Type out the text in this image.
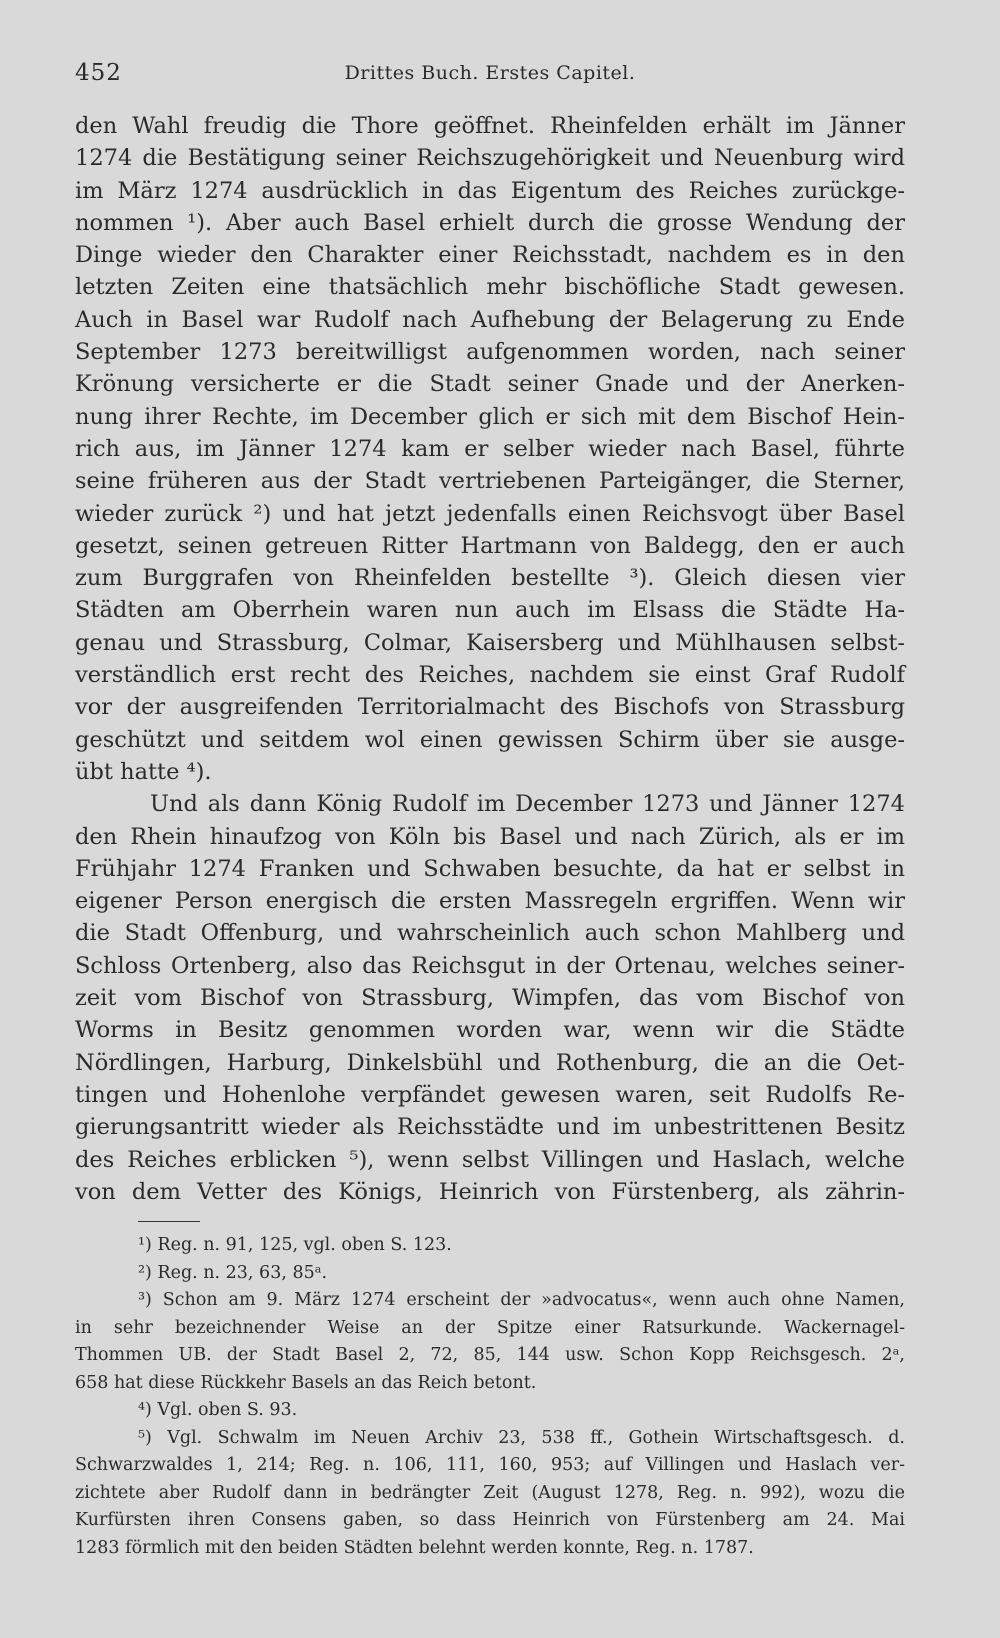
452	Drittes Buch. Erstes Capitel.
den Wahl freudig die Thore geöffnet. Rheinfelden erhält im Jänner
1274 die Bestätigung seiner Reichszugehörigkeit und Neuenburg wird
im März 1274 ausdrücklich in das Eigentum des Reiches zurückge-
nommen ¹). Aber auch Basel erhielt durch die grosse Wendung der
Dinge wieder den Charakter einer Reichsstadt, nachdem es in den
letzten Zeiten eine thatsächlich mehr bischöfliche Stadt gewesen.
Auch in Basel war Rudolf nach Aufhebung der Belagerung zu Ende
September 1273 bereitwilligst aufgenommen worden, nach seiner
Krönung versicherte er die Stadt seiner Gnade und der Anerken-
nung ihrer Rechte, im December glich er sich mit dem Bischof Hein-
rich aus, im Jänner 1274 kam er selber wieder nach Basel, führte
seine früheren aus der Stadt vertriebenen Parteigänger, die Sterner,
wieder zurück ²) und hat jetzt jedenfalls einen Reichsvogt über Basel
gesetzt, seinen getreuen Ritter Hartmann von Baldegg, den er auch
zum Burggrafen von Rheinfelden bestellte ³). Gleich diesen vier
Städten am Oberrhein waren nun auch im Elsass die Städte Ha-
genau und Strassburg, Colmar, Kaisersberg und Mühlhausen selbst-
verständlich erst recht des Reiches, nachdem sie einst Graf Rudolf
vor der ausgreifenden Territorialmacht des Bischofs von Strassburg
geschützt und seitdem wol einen gewissen Schirm über sie ausge-
übt hatte ⁴).
Und als dann König Rudolf im December 1273 und Jänner 1274
den Rhein hinaufzog von Köln bis Basel und nach Zürich, als er im
Frühjahr 1274 Franken und Schwaben besuchte, da hat er selbst in
eigener Person energisch die ersten Massregeln ergriffen. Wenn wir
die Stadt Offenburg, und wahrscheinlich auch schon Mahlberg und
Schloss Ortenberg, also das Reichsgut in der Ortenau, welches seiner-
zeit vom Bischof von Strassburg, Wimpfen, das vom Bischof von
Worms in Besitz genommen worden war, wenn wir die Städte
Nördlingen, Harburg, Dinkelsbühl und Rothenburg, die an die Oet-
tingen und Hohenlohe verpfändet gewesen waren, seit Rudolfs Re-
gierungsantritt wieder als Reichsstädte und im unbestrittenen Besitz
des Reiches erblicken ⁵), wenn selbst Villingen und Haslach, welche
von dem Vetter des Königs, Heinrich von Fürstenberg, als zährin-
¹) Reg. n. 91, 125, vgl. oben S. 123.
²) Reg. n. 23, 63, 85ᵃ.
³) Schon am 9. März 1274 erscheint der »advocatus«, wenn auch ohne Namen,
in sehr bezeichnender Weise an der Spitze einer Ratsurkunde. Wackernagel-
Thommen UB. der Stadt Basel 2, 72, 85, 144 usw. Schon Kopp Reichsgesch. 2ᵃ,
658 hat diese Rückkehr Basels an das Reich betont.
⁴) Vgl. oben S. 93.
⁵) Vgl. Schwalm im Neuen Archiv 23, 538 ff., Gothein Wirtschaftsgesch. d.
Schwarzwaldes 1, 214; Reg. n. 106, 111, 160, 953; auf Villingen und Haslach ver-
zichtete aber Rudolf dann in bedrängter Zeit (August 1278, Reg. n. 992), wozu die
Kurfürsten ihren Consens gaben, so dass Heinrich von Fürstenberg am 24. Mai
1283 förmlich mit den beiden Städten belehnt werden konnte, Reg. n. 1787.
